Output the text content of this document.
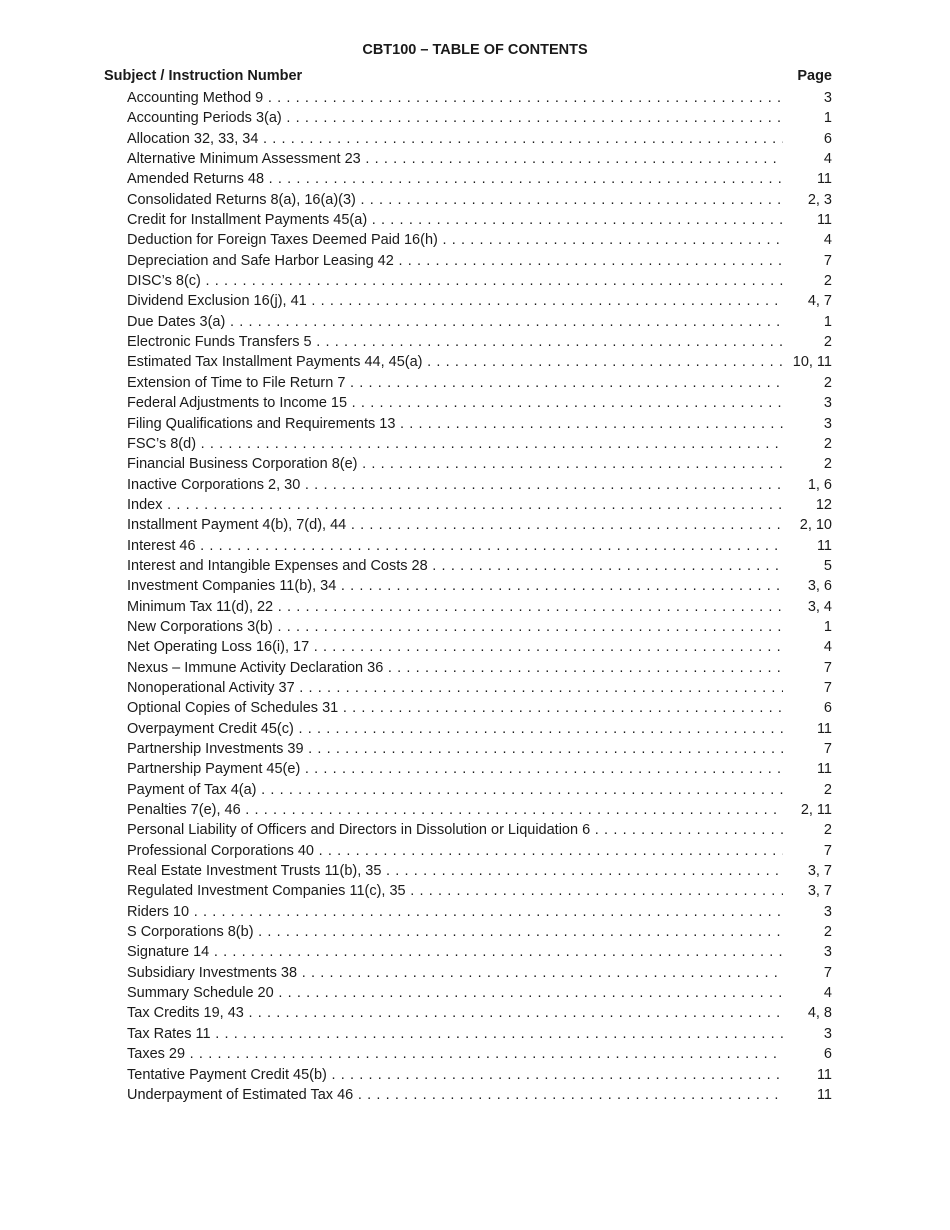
CBT100 – TABLE OF CONTENTS
Subject / Instruction Number	Page
Accounting Method 9 . . .	3
Accounting Periods 3(a) . . .	1
Allocation 32, 33, 34 . . .	6
Alternative Minimum Assessment 23 . . .	4
Amended Returns 48 . . .	11
Consolidated Returns 8(a), 16(a)(3) . . .	2, 3
Credit for Installment Payments 45(a) . . .	11
Deduction for Foreign Taxes Deemed Paid 16(h) . . .	4
Depreciation and Safe Harbor Leasing 42 . . .	7
DISC’s 8(c) . . .	2
Dividend Exclusion 16(j), 41 . . .	4, 7
Due Dates 3(a) . . .	1
Electronic Funds Transfers 5 . . .	2
Estimated Tax Installment Payments 44, 45(a) . . .	10, 11
Extension of Time to File Return 7 . . .	2
Federal Adjustments to Income 15 . . .	3
Filing Qualifications and Requirements 13 . . .	3
FSC’s 8(d) . . .	2
Financial Business Corporation 8(e) . . .	2
Inactive Corporations 2, 30 . . .	1, 6
Index . . .	12
Installment Payment 4(b), 7(d), 44 . . .	2, 10
Interest 46 . . .	11
Interest and Intangible Expenses and Costs 28 . . .	5
Investment Companies 11(b), 34 . . .	3, 6
Minimum Tax 11(d), 22 . . .	3, 4
New Corporations 3(b) . . .	1
Net Operating Loss 16(i), 17 . . .	4
Nexus – Immune Activity Declaration 36 . . .	7
Nonoperational Activity 37 . . .	7
Optional Copies of Schedules 31 . . .	6
Overpayment Credit 45(c) . . .	11
Partnership Investments 39 . . .	7
Partnership Payment 45(e) . . .	11
Payment of Tax 4(a) . . .	2
Penalties 7(e), 46 . . .	2, 11
Personal Liability of Officers and Directors in Dissolution or Liquidation 6 . . .	2
Professional Corporations 40 . . .	7
Real Estate Investment Trusts 11(b), 35 . . .	3, 7
Regulated Investment Companies 11(c), 35 . . .	3, 7
Riders 10 . . .	3
S Corporations 8(b) . . .	2
Signature 14 . . .	3
Subsidiary Investments 38 . . .	7
Summary Schedule 20 . . .	4
Tax Credits 19, 43 . . .	4, 8
Tax Rates 11 . . .	3
Taxes 29 . . .	6
Tentative Payment Credit 45(b) . . .	11
Underpayment of Estimated Tax 46 . . .	11
